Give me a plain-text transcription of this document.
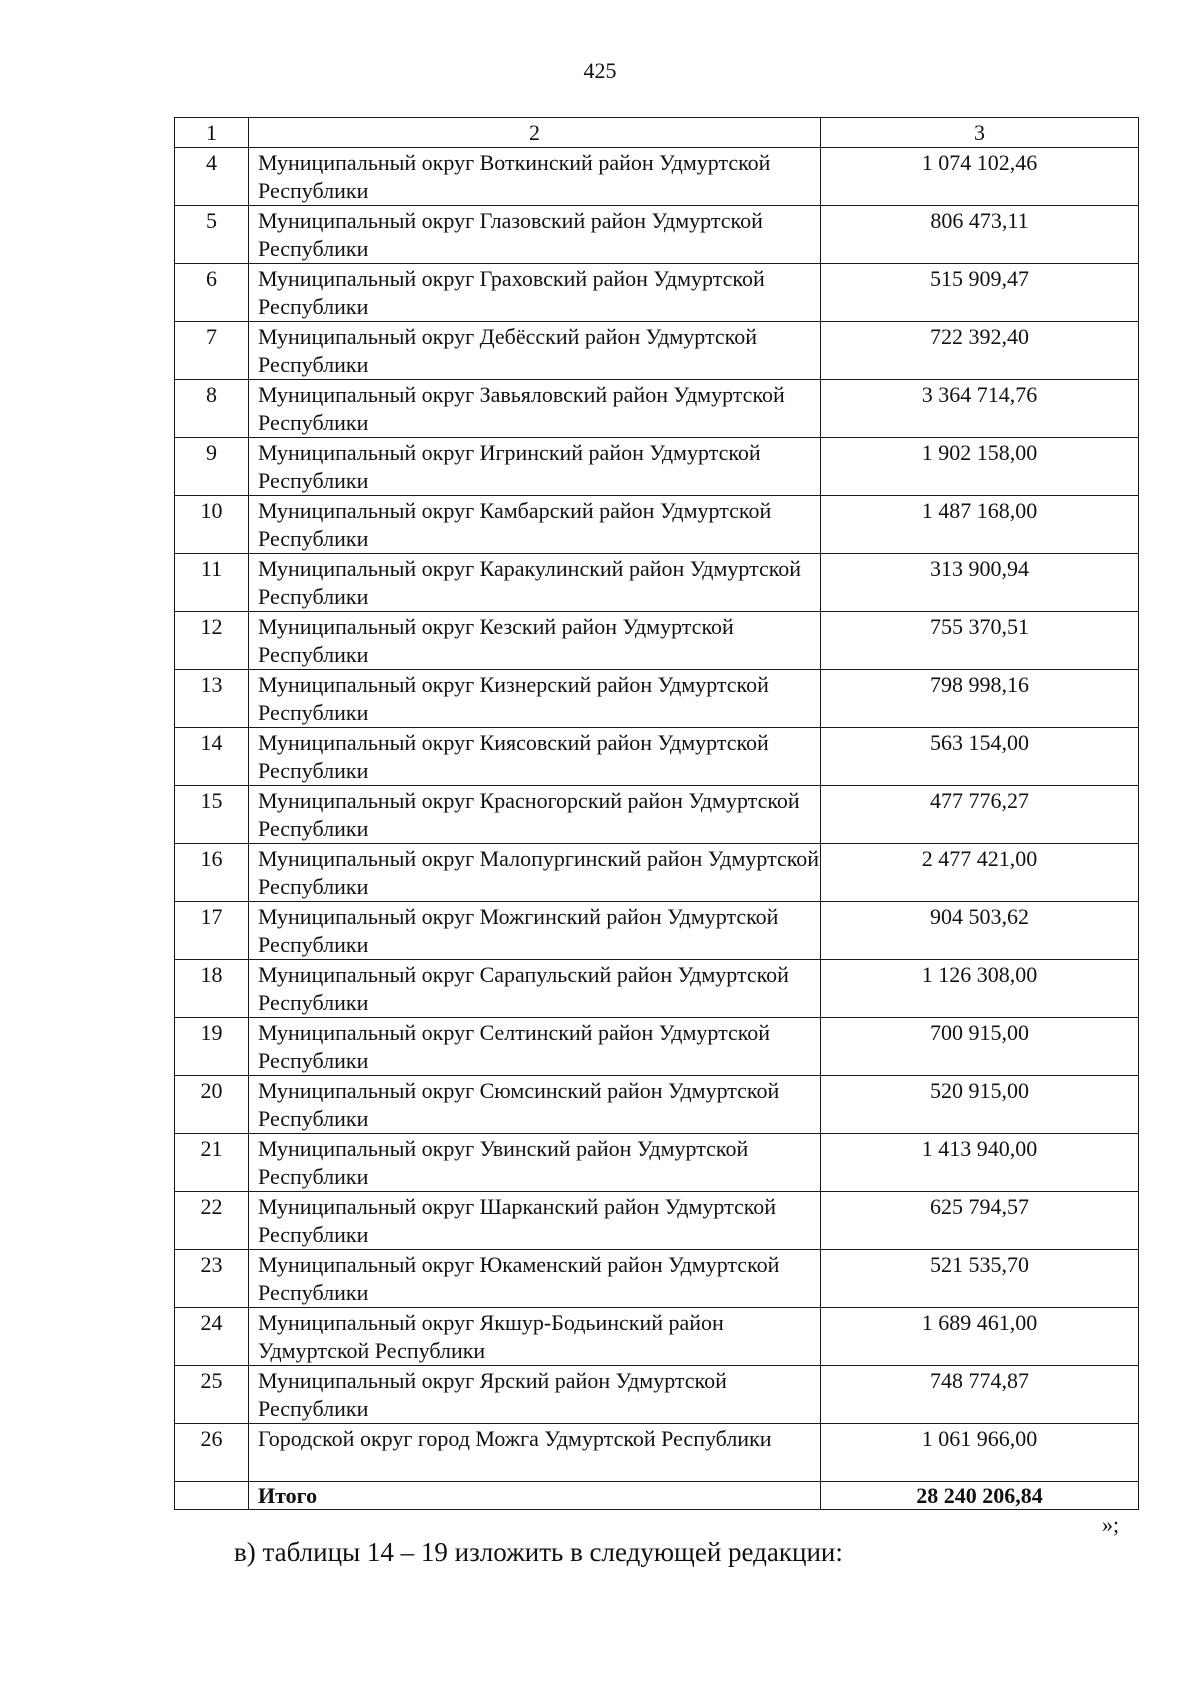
425
1	2	3
4	Муниципальный округ Воткинский район Удмуртской Республики	1 074 102,46
5	Муниципальный округ Глазовский район Удмуртской Республики	806 473,11
6	Муниципальный округ Граховский район Удмуртской Республики	515 909,47
7	Муниципальный округ Дебёсский район Удмуртской Республики	722 392,40
8	Муниципальный округ Завьяловский район Удмуртской Республики	3 364 714,76
9	Муниципальный округ Игринский район Удмуртской Республики	1 902 158,00
10	Муниципальный округ Камбарский район Удмуртской Республики	1 487 168,00
11	Муниципальный округ Каракулинский район Удмуртской Республики	313 900,94
12	Муниципальный округ Кезский район Удмуртской Республики	755 370,51
13	Муниципальный округ Кизнерский район Удмуртской Республики	798 998,16
14	Муниципальный округ Киясовский район Удмуртской Республики	563 154,00
15	Муниципальный округ Красногорский район Удмуртской Республики	477 776,27
16	Муниципальный округ Малопургинский район Удмуртской Республики	2 477 421,00
17	Муниципальный округ Можгинский район Удмуртской Республики	904 503,62
18	Муниципальный округ Сарапульский район Удмуртской Республики	1 126 308,00
19	Муниципальный округ Селтинский район Удмуртской Республики	700 915,00
20	Муниципальный округ Сюмсинский район Удмуртской Республики	520 915,00
21	Муниципальный округ Увинский район Удмуртской Республики	1 413 940,00
22	Муниципальный округ Шарканский район Удмуртской Республики	625 794,57
23	Муниципальный округ Юкаменский район Удмуртской Республики	521 535,70
24	Муниципальный округ Якшур-Бодьинский район Удмуртской Республики	1 689 461,00
25	Муниципальный округ Ярский район Удмуртской Республики	748 774,87
26	Городской округ город Можга Удмуртской Республики	1 061 966,00
	Итого	28 240 206,84
»;
в) таблицы 14 – 19 изложить в следующей редакции:
